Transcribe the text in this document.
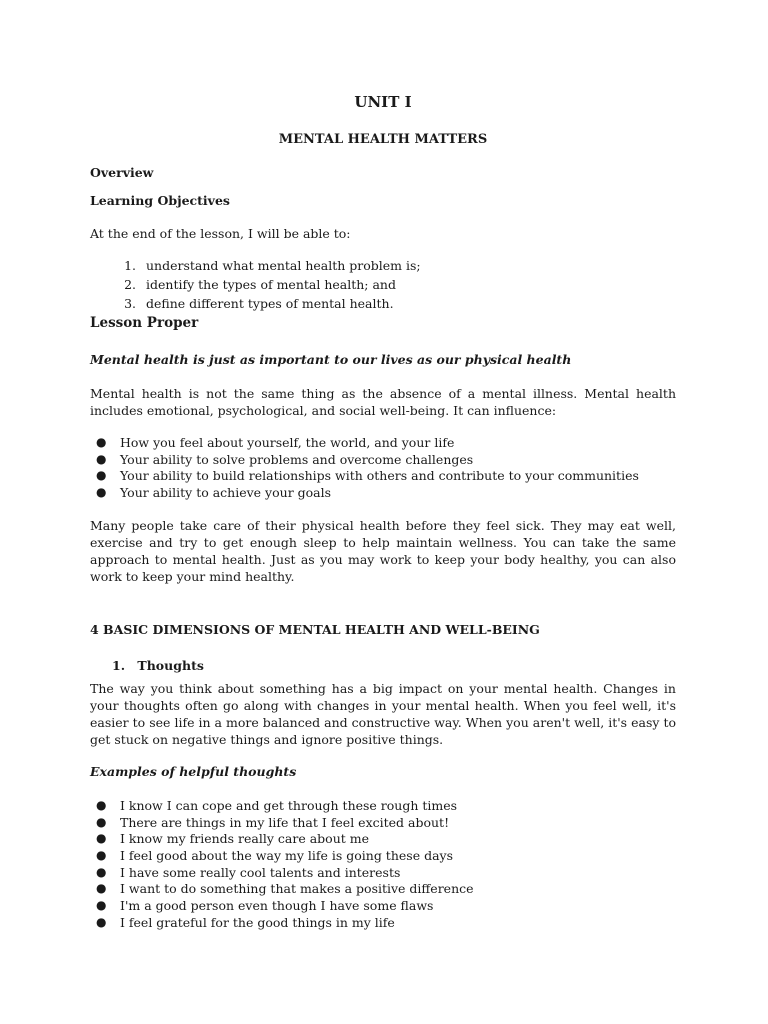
UNIT I
MENTAL HEALTH MATTERS
Overview
Learning Objectives
At the end of the lesson, I will be able to:
1. understand what mental health problem is;
2. identify the types of mental health; and
3. define different types of mental health.
Lesson Proper
Mental health is just as important to our lives as our physical health
Mental health is not the same thing as the absence of a mental illness. Mental health includes emotional, psychological, and social well-being. It can influence:
●	How you feel about yourself, the world, and your life
●	Your ability to solve problems and overcome challenges
●	Your ability to build relationships with others and contribute to your communities
●	Your ability to achieve your goals
Many people take care of their physical health before they feel sick. They may eat well, exercise and try to get enough sleep to help maintain wellness. You can take the same approach to mental health. Just as you may work to keep your body healthy, you can also work to keep your mind healthy.
4 BASIC DIMENSIONS OF MENTAL HEALTH AND WELL-BEING
1. Thoughts
The way you think about something has a big impact on your mental health. Changes in your thoughts often go along with changes in your mental health. When you feel well, it's easier to see life in a more balanced and constructive way. When you aren't well, it's easy to get stuck on negative things and ignore positive things.
Examples of helpful thoughts
●	I know I can cope and get through these rough times
●	There are things in my life that I feel excited about!
●	I know my friends really care about me
●	I feel good about the way my life is going these days
●	I have some really cool talents and interests
●	I want to do something that makes a positive difference
●	I'm a good person even though I have some flaws
●	I feel grateful for the good things in my life
